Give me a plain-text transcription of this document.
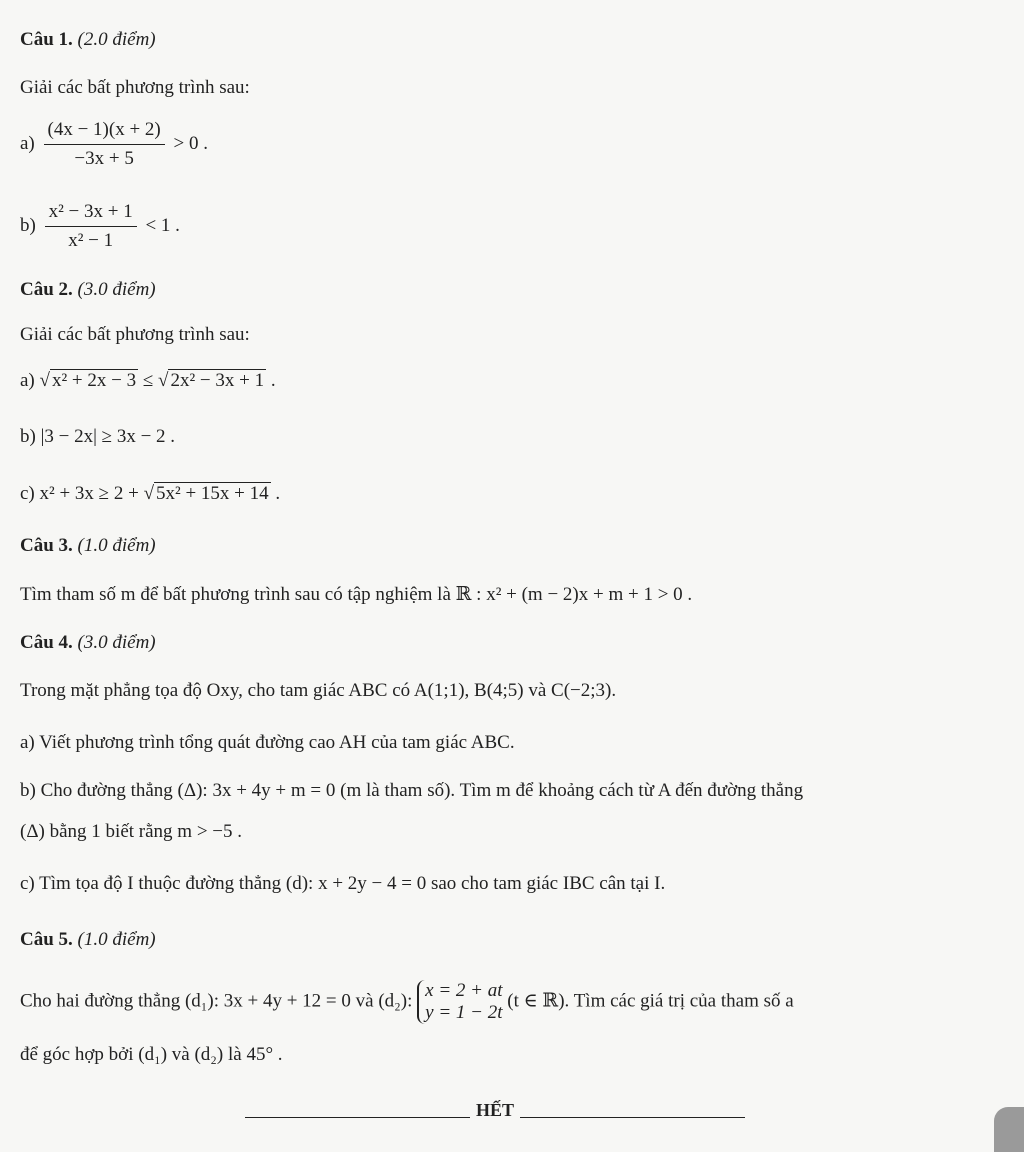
Câu 1. (2.0 điểm)
Giải các bất phương trình sau:
$a) \frac{(4x - 1)(x + 2)}{-3x + 5} > 0$ .
$b) \frac{\text{x² − 3x + 1}}{\text{x² − 1}} < 1$ .
Câu 2. (3.0 điểm)
Giải các bất phương trình sau:
a) √ x² + 2x − 3 ≤ √ 2x² − 3x + 1 .
b) |3 − 2x| ≥ 3x − 2 .
c) x² + 3x ≥ 2 + √ 5x² + 15x + 14 .
Câu 3. (1.0 điểm)
Tìm tham số m để bất phương trình sau có tập nghiệm là ℝ : x² + (m − 2)x + m + 1 > 0 .
Câu 4. (3.0 điểm)
Trong mặt phẳng tọa độ Oxy, cho tam giác ABC có A(1;1), B(4;5) và C(−2;3).
a) Viết phương trình tổng quát đường cao AH của tam giác ABC.
b) Cho đường thẳng (Δ): 3x + 4y + m = 0 (m là tham số). Tìm m để khoảng cách từ A đến đường thẳng
(Δ) bằng 1 biết rằng m > −5 .
c) Tìm tọa độ I thuộc đường thẳng (d): x + 2y − 4 = 0 sao cho tam giác IBC cân tại I.
Câu 5. (1.0 điểm)
Cho hai đường thẳng (d₁): 3x + 4y + 12 = 0 và (d₂): x = 2 + at
y = 1 − 2t (t ∈ ℝ). Tìm các giá trị của tham số a
để góc hợp bởi (d₁) và (d₂) là 45° .
HẾT
